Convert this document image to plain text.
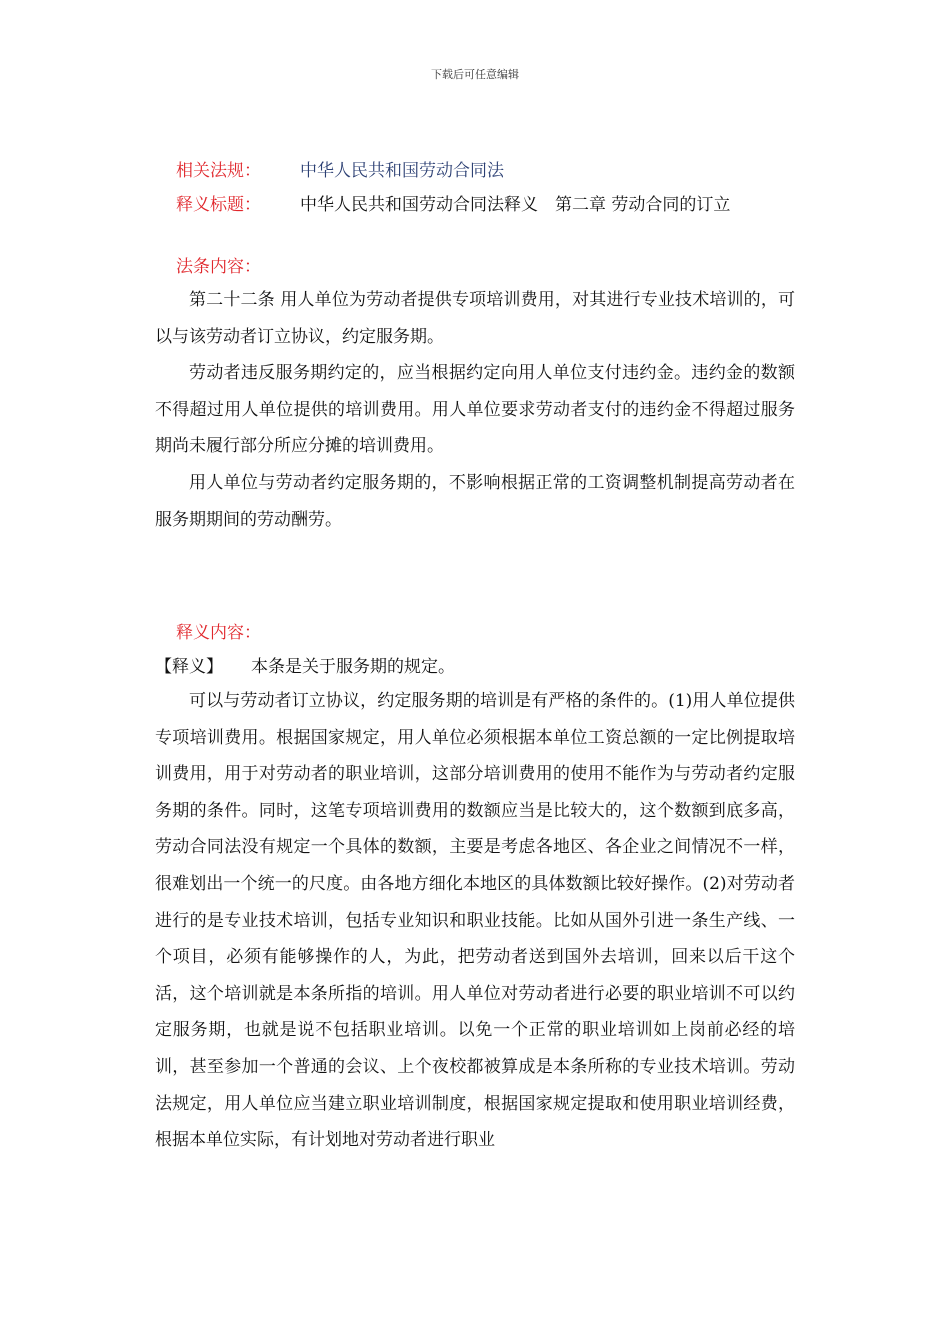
下载后可任意编辑
相关法规： 中华人民共和国劳动合同法
释义标题： 中华人民共和国劳动合同法释义　第二章 劳动合同的订立
法条内容：

第二十二条 用人单位为劳动者提供专项培训费用，对其进行专业技术培训的，可以与该劳动者订立协议，约定服务期。

劳动者违反服务期约定的，应当根据约定向用人单位支付违约金。违约金的数额不得超过用人单位提供的培训费用。用人单位要求劳动者支付的违约金不得超过服务期尚未履行部分所应分摊的培训费用。

用人单位与劳动者约定服务期的，不影响根据正常的工资调整机制提高劳动者在服务期期间的劳动酬劳。

释义内容：
【释义】 本条是关于服务期的规定。

可以与劳动者订立协议，约定服务期的培训是有严格的条件的。(1)用人单位提供专项培训费用。根据国家规定，用人单位必须根据本单位工资总额的一定比例提取培训费用，用于对劳动者的职业培训，这部分培训费用的使用不能作为与劳动者约定服务期的条件。同时，这笔专项培训费用的数额应当是比较大的，这个数额到底多高，劳动合同法没有规定一个具体的数额，主要是考虑各地区、各企业之间情况不一样，很难划出一个统一的尺度。由各地方细化本地区的具体数额比较好操作。(2)对劳动者进行的是专业技术培训，包括专业知识和职业技能。比如从国外引进一条生产线、一个项目，必须有能够操作的人，为此，把劳动者送到国外去培训，回来以后干这个活，这个培训就是本条所指的培训。用人单位对劳动者进行必要的职业培训不可以约定服务期，也就是说不包括职业培训。以免一个正常的职业培训如上岗前必经的培训，甚至参加一个普通的会议、上个夜校都被算成是本条所称的专业技术培训。劳动法规定，用人单位应当建立职业培训制度，根据国家规定提取和使用职业培训经费，根据本单位实际，有计划地对劳动者进行职业
